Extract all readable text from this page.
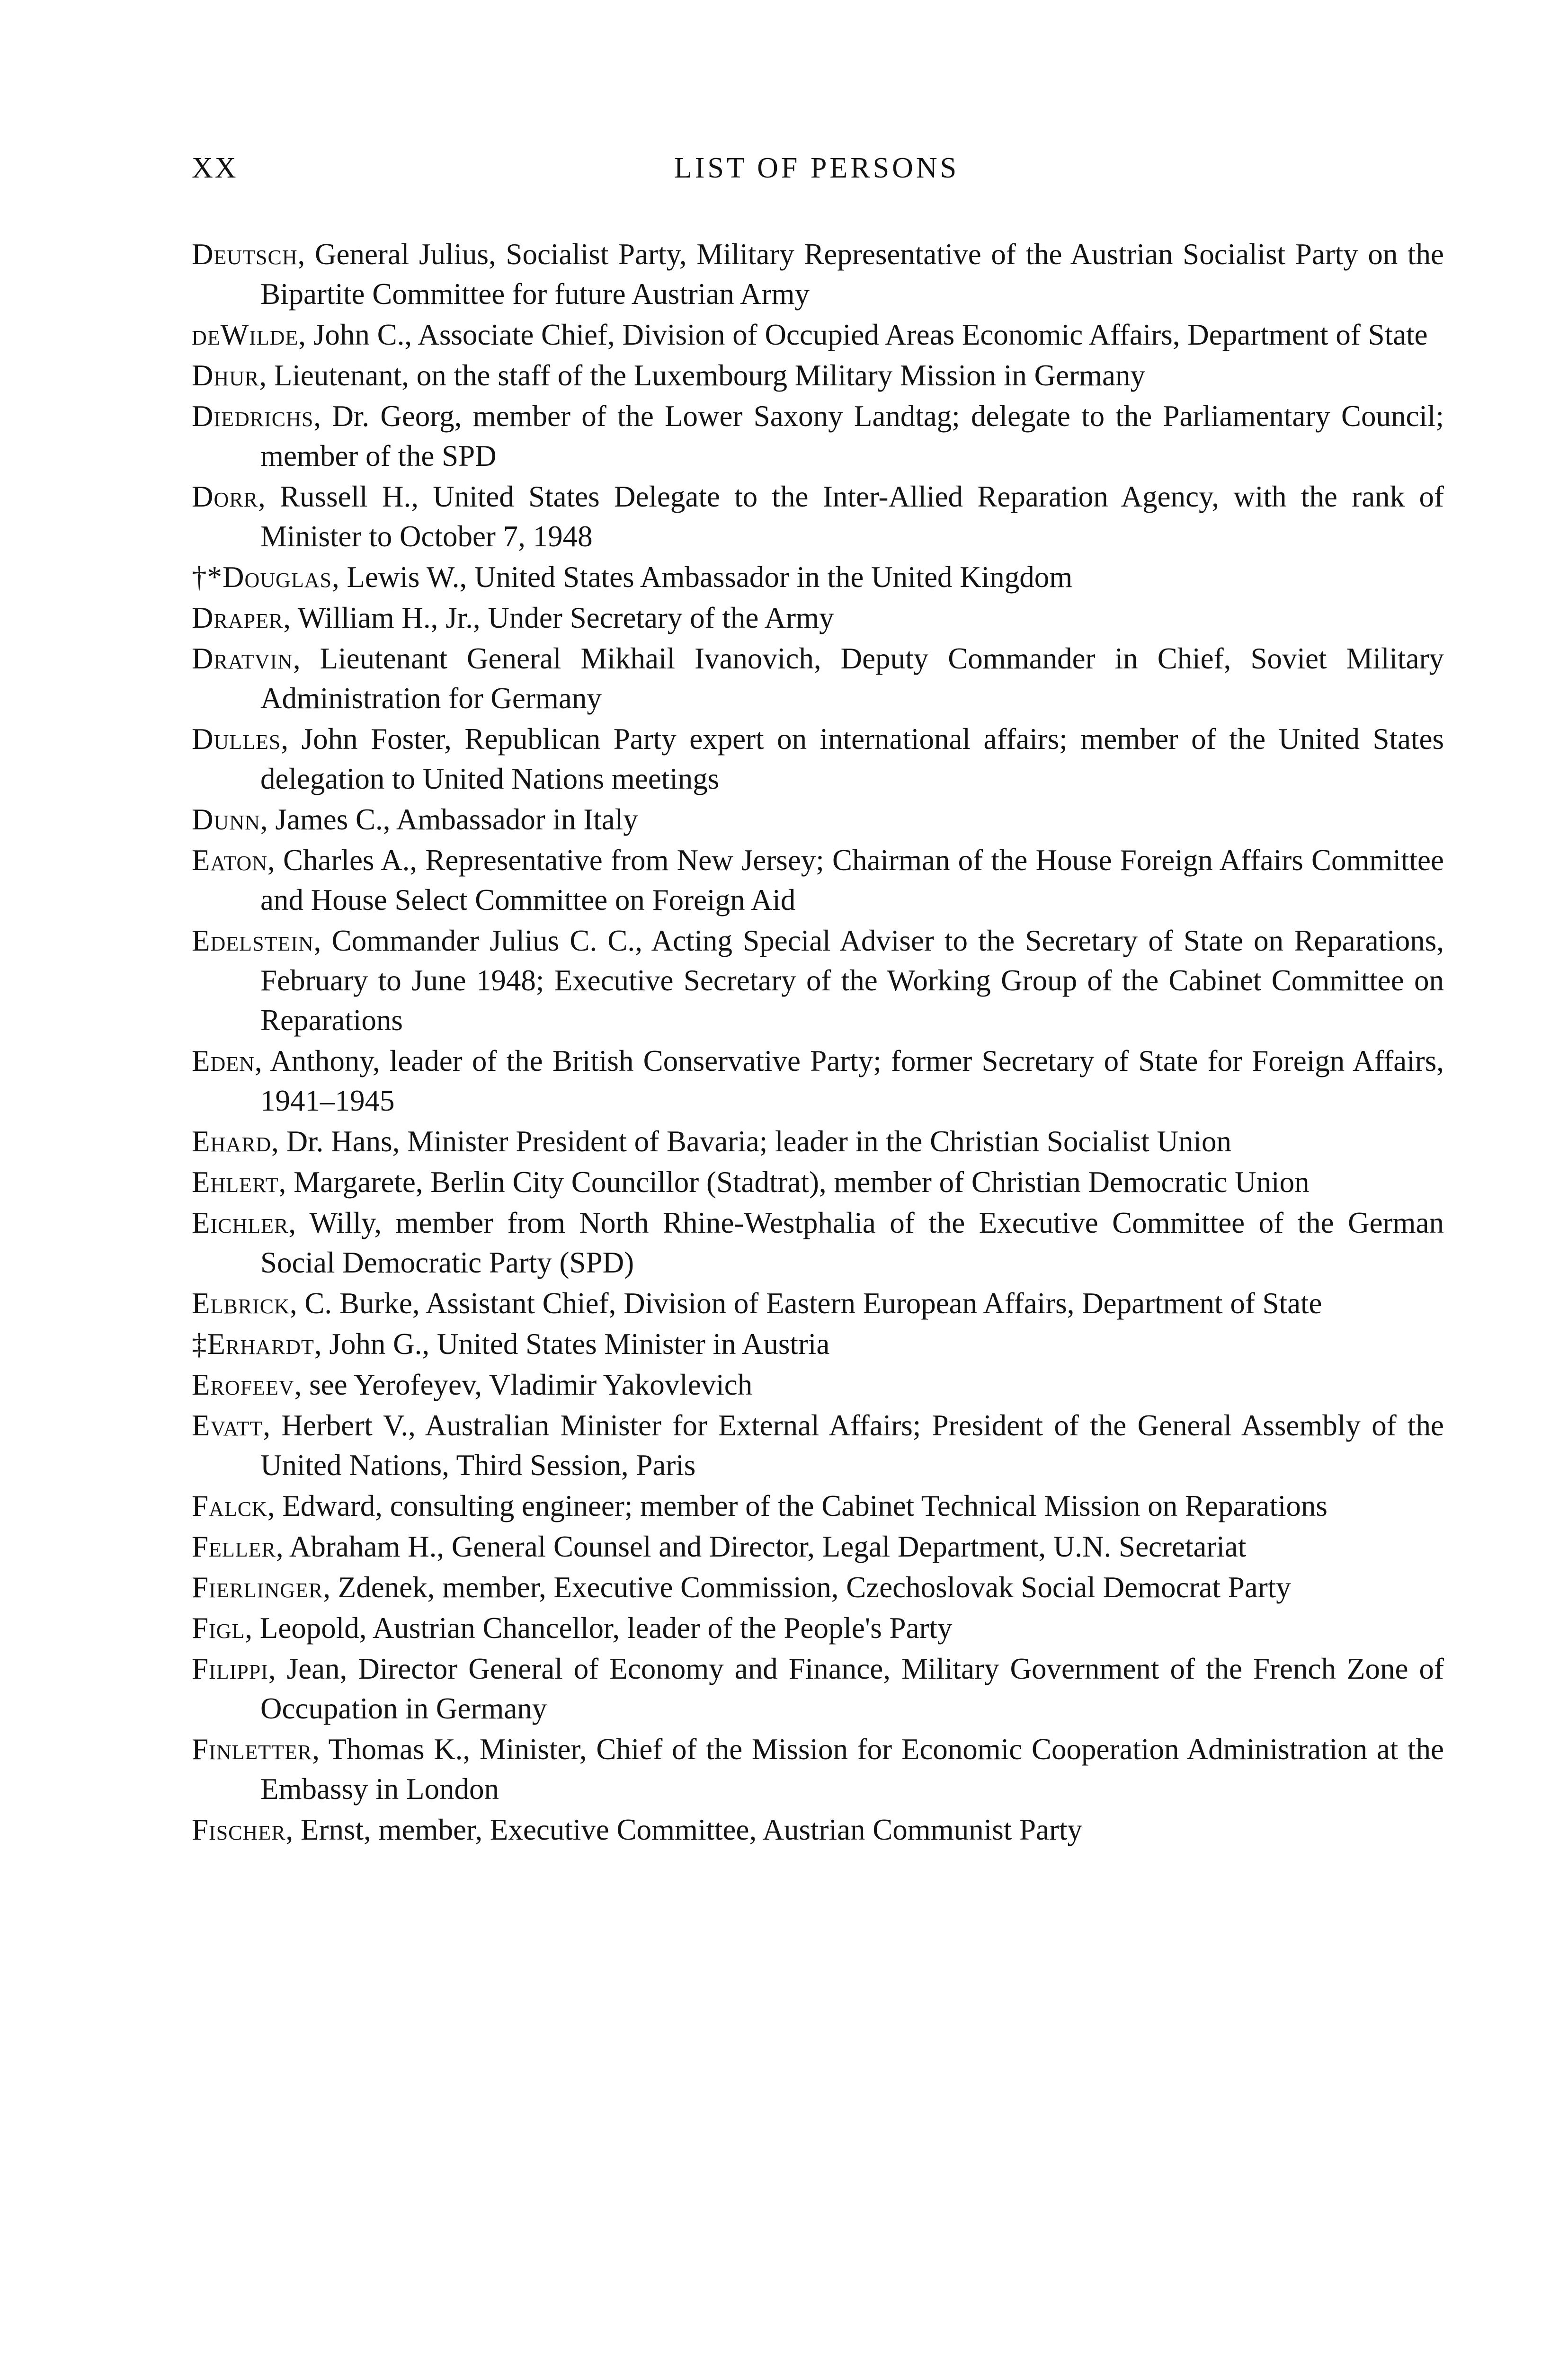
XX	LIST OF PERSONS

Deutsch, General Julius, Socialist Party, Military Representative of the Austrian Socialist Party on the Bipartite Committee for future Austrian Army

deWilde, John C., Associate Chief, Division of Occupied Areas Economic Affairs, Department of State

Dhur, Lieutenant, on the staff of the Luxembourg Military Mission in Germany

Diedrichs, Dr. Georg, member of the Lower Saxony Landtag; delegate to the Parliamentary Council; member of the SPD

Dorr, Russell H., United States Delegate to the Inter-Allied Reparation Agency, with the rank of Minister to October 7, 1948

†*Douglas, Lewis W., United States Ambassador in the United Kingdom

Draper, William H., Jr., Under Secretary of the Army

Dratvin, Lieutenant General Mikhail Ivanovich, Deputy Commander in Chief, Soviet Military Administration for Germany

Dulles, John Foster, Republican Party expert on international affairs; member of the United States delegation to United Nations meetings

Dunn, James C., Ambassador in Italy

Eaton, Charles A., Representative from New Jersey; Chairman of the House Foreign Affairs Committee and House Select Committee on Foreign Aid

Edelstein, Commander Julius C. C., Acting Special Adviser to the Secretary of State on Reparations, February to June 1948; Executive Secretary of the Working Group of the Cabinet Committee on Reparations

Eden, Anthony, leader of the British Conservative Party; former Secretary of State for Foreign Affairs, 1941–1945

Ehard, Dr. Hans, Minister President of Bavaria; leader in the Christian Socialist Union

Ehlert, Margarete, Berlin City Councillor (Stadtrat), member of Christian Democratic Union

Eichler, Willy, member from North Rhine-Westphalia of the Executive Committee of the German Social Democratic Party (SPD)

Elbrick, C. Burke, Assistant Chief, Division of Eastern European Affairs, Department of State

‡Erhardt, John G., United States Minister in Austria

Erofeev, see Yerofeyev, Vladimir Yakovlevich

Evatt, Herbert V., Australian Minister for External Affairs; President of the General Assembly of the United Nations, Third Session, Paris

Falck, Edward, consulting engineer; member of the Cabinet Technical Mission on Reparations

Feller, Abraham H., General Counsel and Director, Legal Department, U.N. Secretariat

Fierlinger, Zdenek, member, Executive Commission, Czechoslovak Social Democrat Party

Figl, Leopold, Austrian Chancellor, leader of the People's Party

Filippi, Jean, Director General of Economy and Finance, Military Government of the French Zone of Occupation in Germany

Finletter, Thomas K., Minister, Chief of the Mission for Economic Cooperation Administration at the Embassy in London

Fischer, Ernst, member, Executive Committee, Austrian Communist Party
